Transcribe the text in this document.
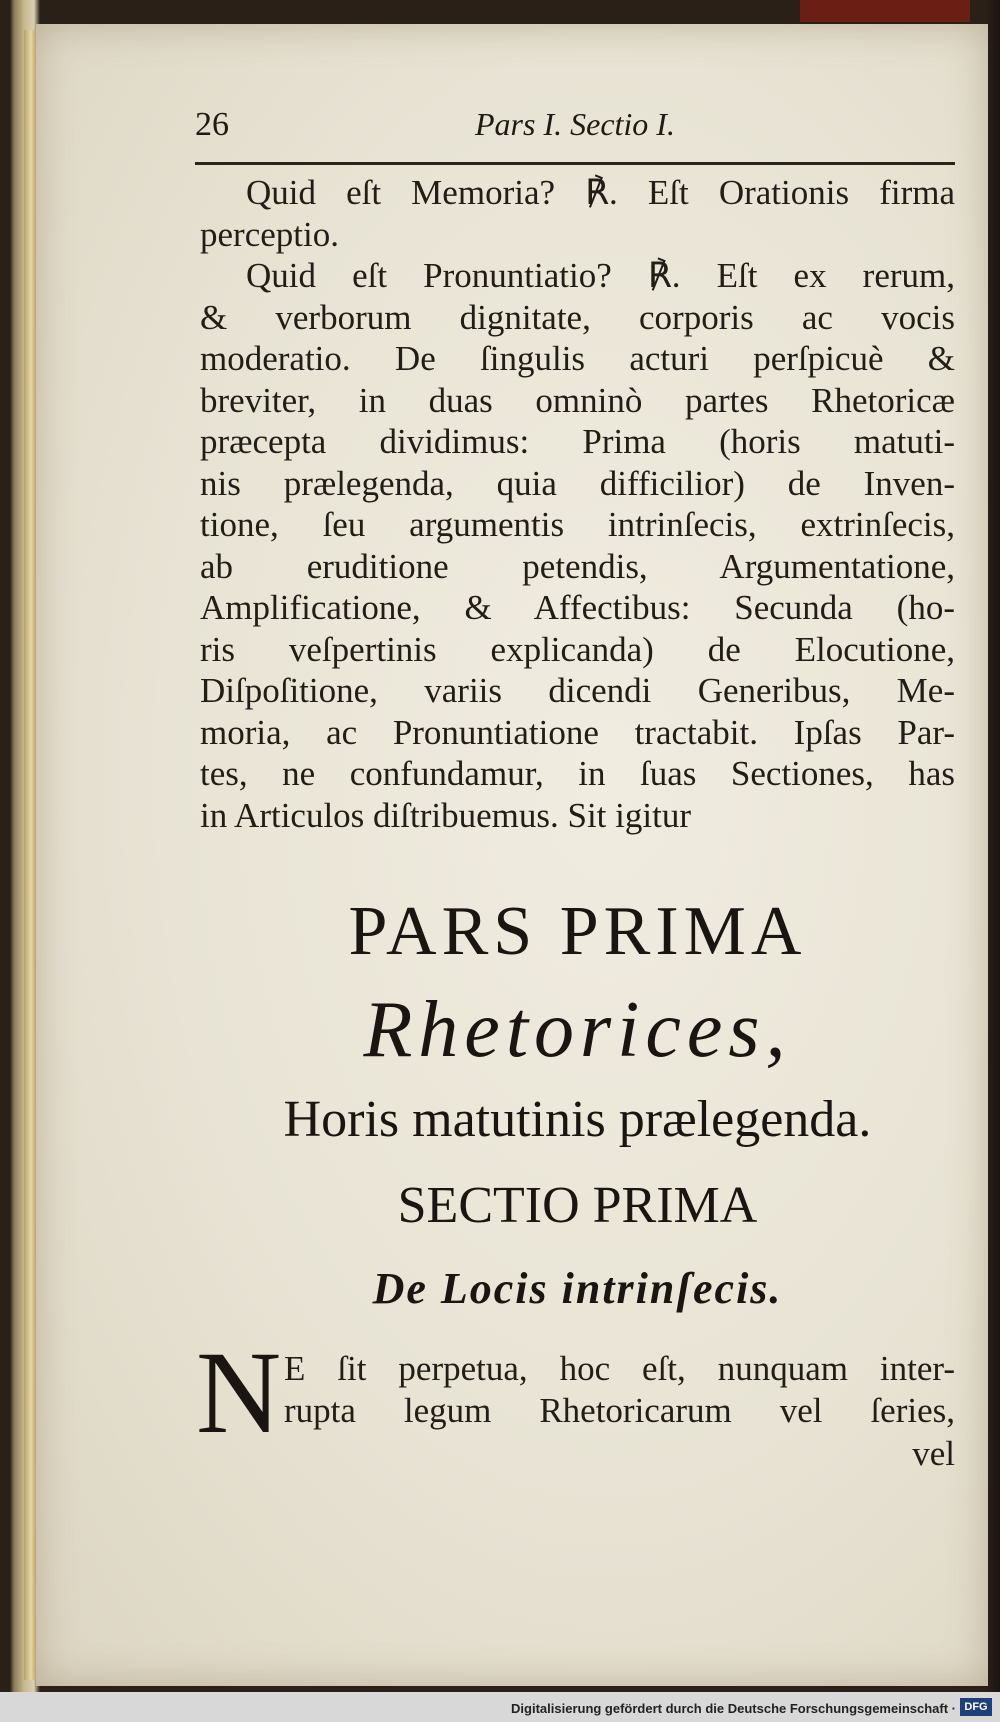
26	Pars I. Sectio I.
Quid eſt Memoria? ℟. Eſt Orationis firma
perceptio.
Quid eſt Pronuntiatio? ℟. Eſt ex rerum,
& verborum dignitate, corporis ac vocis
moderatio. De ſingulis acturi perſpicuè &
breviter, in duas omninò partes Rhetoricæ
præcepta dividimus: Prima (horis matuti-
nis prælegenda, quia difficilior) de Inven-
tione, ſeu argumentis intrinſecis, extrinſecis,
ab eruditione petendis, Argumentatione,
Amplificatione, & Affectibus: Secunda (ho-
ris veſpertinis explicanda) de Elocutione,
Diſpoſitione, variis dicendi Generibus, Me-
moria, ac Pronuntiatione tractabit. Ipſas Par-
tes, ne confundamur, in ſuas Sectiones, has
in Articulos diſtribuemus. Sit igitur
PARS PRIMA
Rhetorices,
Horis matutinis prælegenda.
SECTIO PRIMA
De Locis intrinſecis.
N E ſit perpetua, hoc eſt, nunquam inter-
rupta legum Rhetoricarum vel ſeries,
vel
Digitalisierung gefördert durch die Deutsche Forschungsgemeinschaft · DFG
